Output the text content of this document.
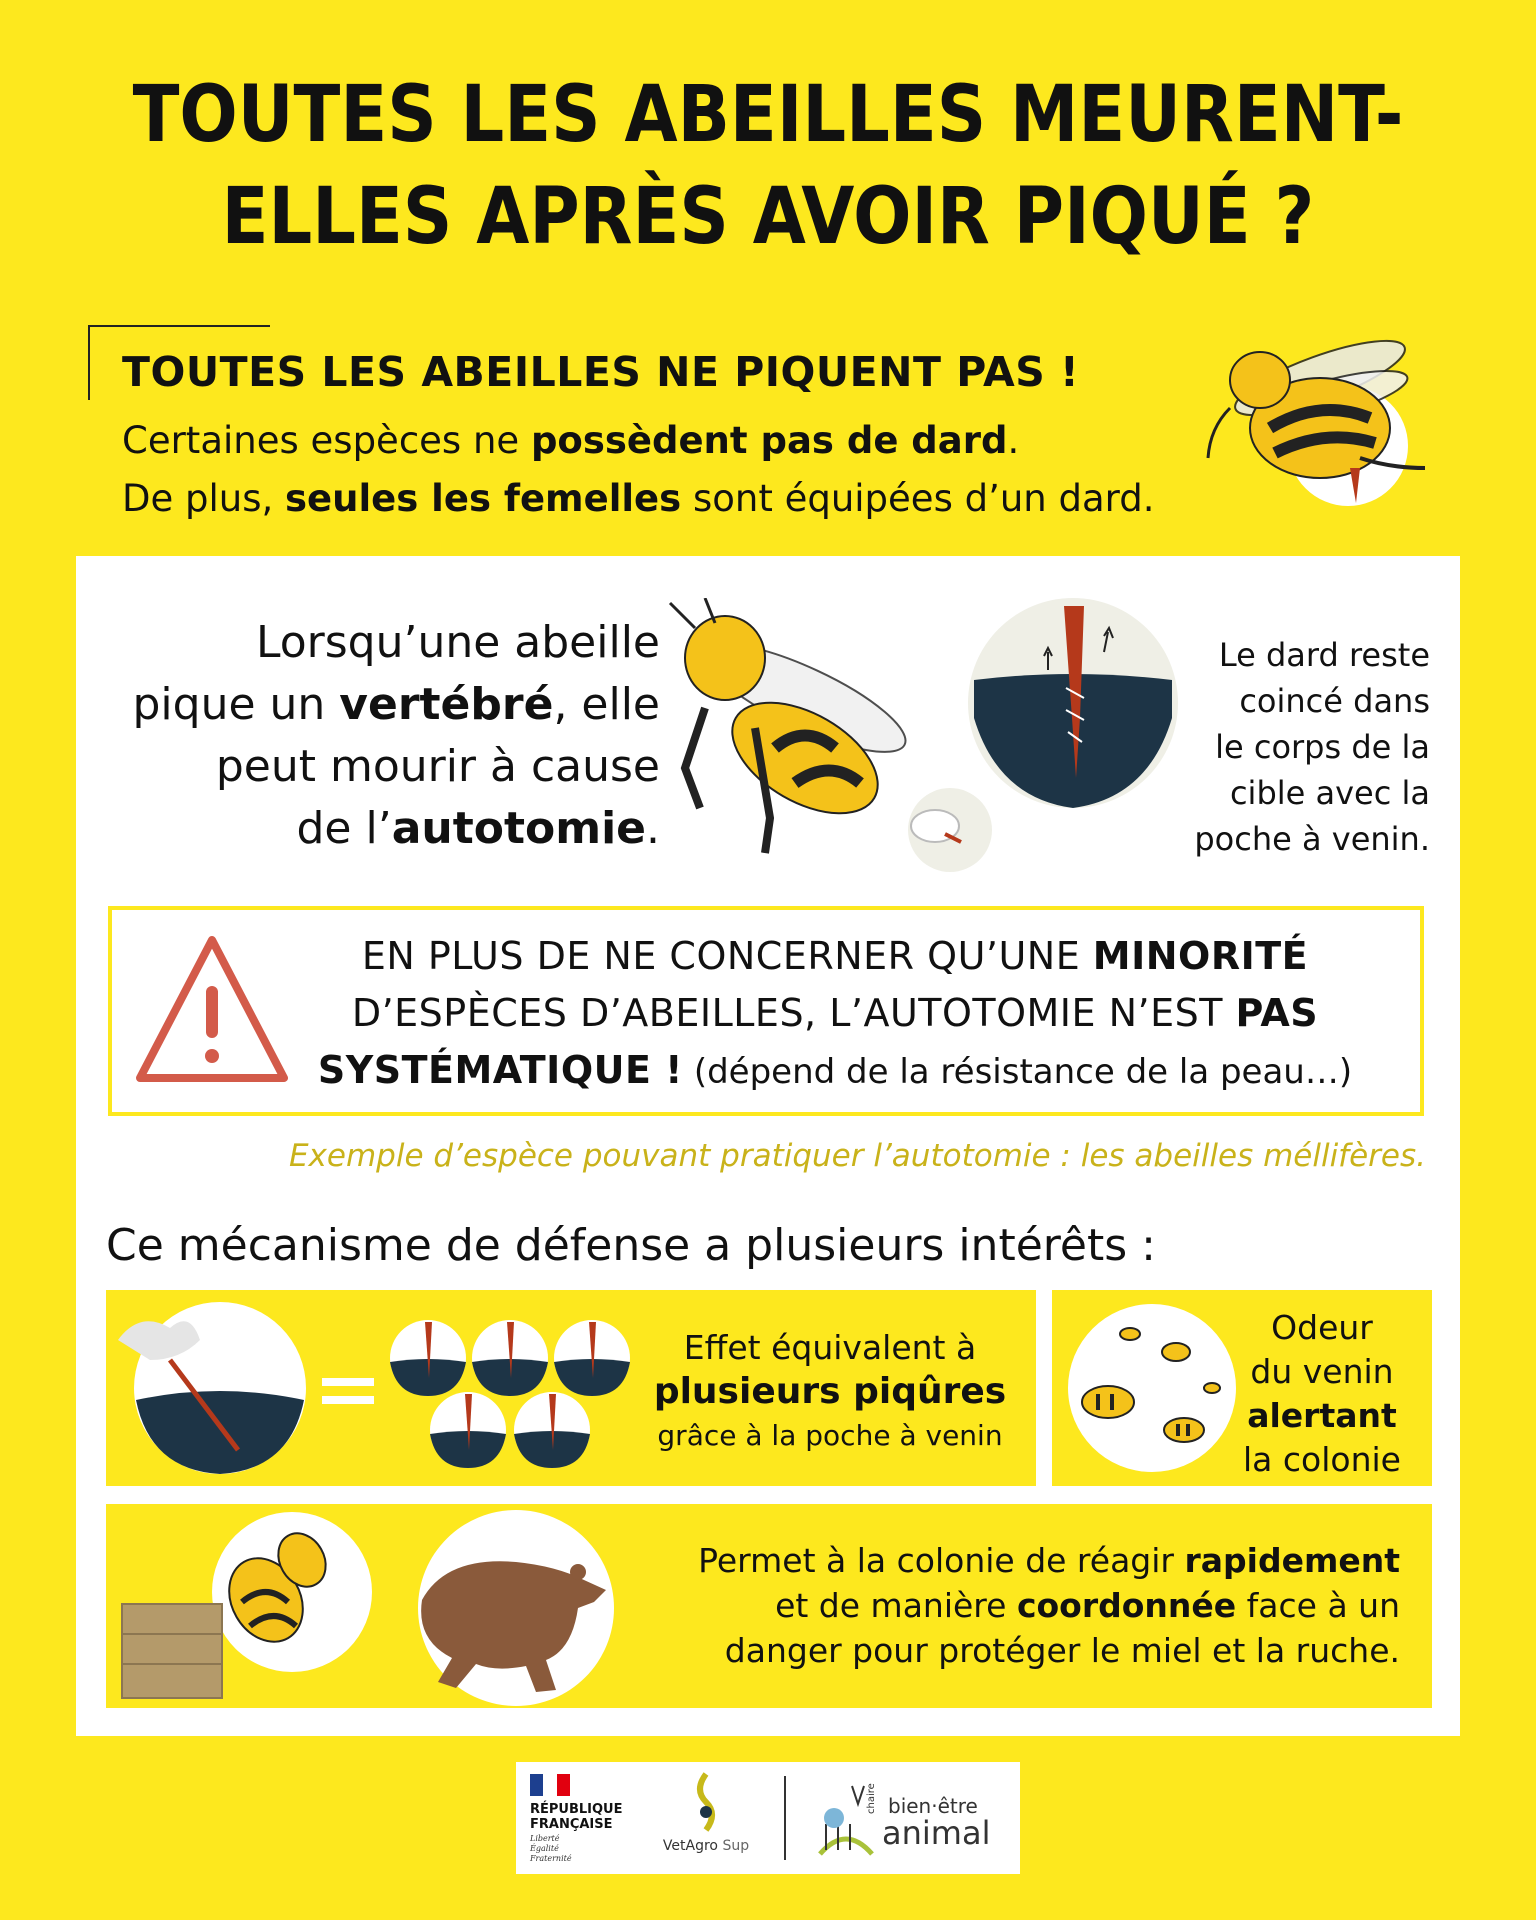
TOUTES LES ABEILLES MEURENT-
ELLES APRÈS AVOIR PIQUÉ ?
TOUTES LES ABEILLES NE PIQUENT PAS !
Certaines espèces ne possèdent pas de dard.
De plus, seules les femelles sont équipées d’un dard.
Lorsqu’une abeille
pique un vertébré, elle
peut mourir à cause
de l’autotomie.
Le dard reste
coincé dans
le corps de la
cible avec la
poche à venin.
EN PLUS DE NE CONCERNER QU’UNE MINORITÉ
D’ESPÈCES D’ABEILLES, L’AUTOTOMIE N’EST PAS
SYSTÉMATIQUE ! (dépend de la résistance de la peau…)
Exemple d’espèce pouvant pratiquer l’autotomie : les abeilles méllifères.
Ce mécanisme de défense a plusieurs intérêts :
Effet équivalent à
plusieurs piqûres
grâce à la poche à venin
Odeur
du venin
alertant
la colonie
Permet à la colonie de réagir rapidement
et de manière coordonnée face à un
danger pour protéger le miel et la ruche.
RÉPUBLIQUE
FRANÇAISE
Liberté
Égalité
Fraternité
VetAgro Sup
chaire bien·être
animal
